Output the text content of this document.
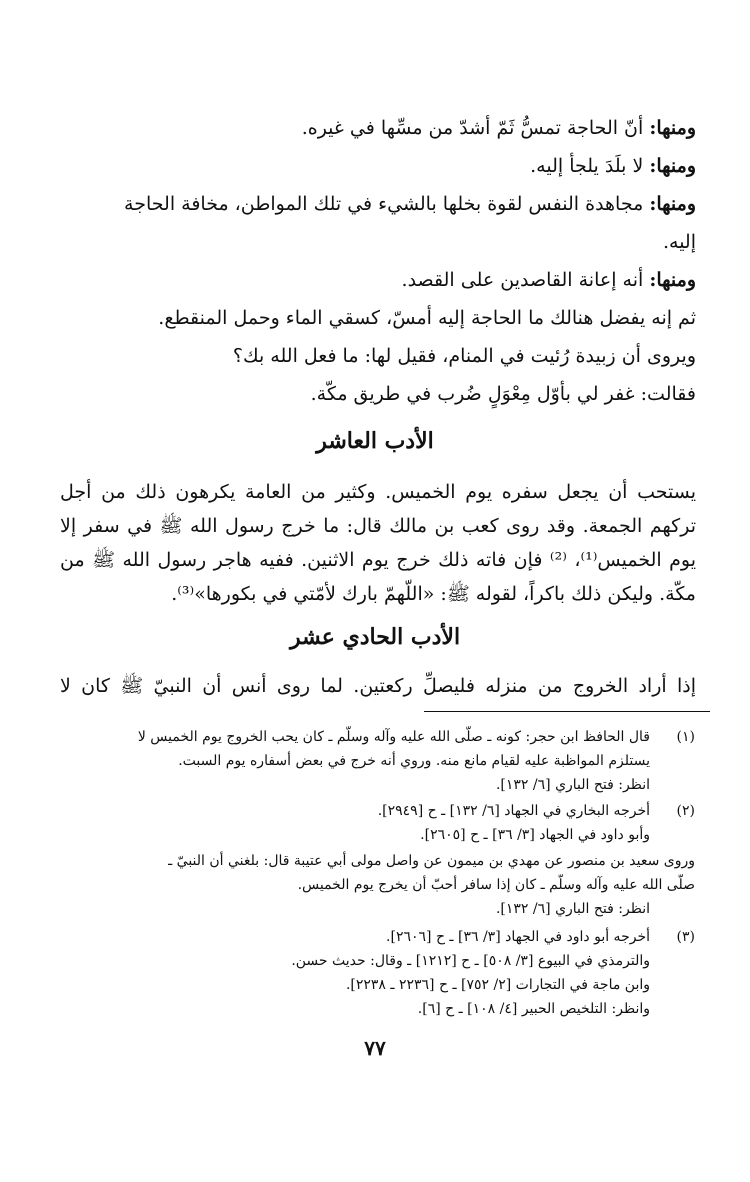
ومنها: أنّ الحاجة تمسُّ ثَمّ أشدّ من مسِّها في غيره.
ومنها: لا بلَدَ يلجأ إليه.
ومنها: مجاهدة النفس لقوة بخلها بالشيء في تلك المواطن، مخافة الحاجة
إليه.
ومنها: أنه إعانة القاصدين على القصد.
ثم إنه يفضل هنالك ما الحاجة إليه أمسّ، كسقي الماء وحمل المنقطع.
ويروى أن زبيدة رُئيت في المنام، فقيل لها: ما فعل الله بك؟
فقالت: غفر لي بأوّل مِعْوَلٍ ضُرب في طريق مكّة.
الأدب العاشر
يستحب أن يجعل سفره يوم الخميس. وكثير من العامة يكرهون ذلك من أجل
تركهم الجمعة. وقد روى كعب بن مالك قال: ما خرج رسول الله ﷺ في سفر إلا
يوم الخميس⁽¹⁾، ⁽²⁾ فإن فاته ذلك خرج يوم الاثنين. ففيه هاجر رسول الله ﷺ من
مكّة. وليكن ذلك باكراً، لقوله ﷺ: «اللّهمّ بارك لأمّتي في بكورها»⁽³⁾.
الأدب الحادي عشر
إذا أراد الخروج من منزله فليصلِّ ركعتين. لما روى أنس أن النبيّ ﷺ كان لا
(١)
قال الحافظ ابن حجر: كونه ـ صلّى الله عليه وآله وسلّم ـ كان يحب الخروج يوم الخميس لا
يستلزم المواظبة عليه لقيام مانع منه. وروي أنه خرج في بعض أسفاره يوم السبت.
انظر: فتح الباري [٦/ ١٣٢].
(٢)
أخرجه البخاري في الجهاد [٦/ ١٣٢] ـ ح [٢٩٤٩].
وأبو داود في الجهاد [٣/ ٣٦] ـ ح [٢٦٠٥].
وروى سعيد بن منصور عن مهدي بن ميمون عن واصل مولى أبي عتيبة قال: بلغني أن النبيّ ـ
صلّى الله عليه وآله وسلّم ـ كان إذا سافر أحبّ أن يخرج يوم الخميس.
انظر: فتح الباري [٦/ ١٣٢].
(٣)
أخرجه أبو داود في الجهاد [٣/ ٣٦] ـ ح [٢٦٠٦].
والترمذي في البيوع [٣/ ٥٠٨] ـ ح [١٢١٢] ـ وقال: حديث حسن.
وابن ماجة في التجارات [٢/ ٧٥٢] ـ ح [٢٢٣٦ ـ ٢٢٣٨].
وانظر: التلخيص الحبير [٤/ ١٠٨] ـ ح [٦].
٧٧
